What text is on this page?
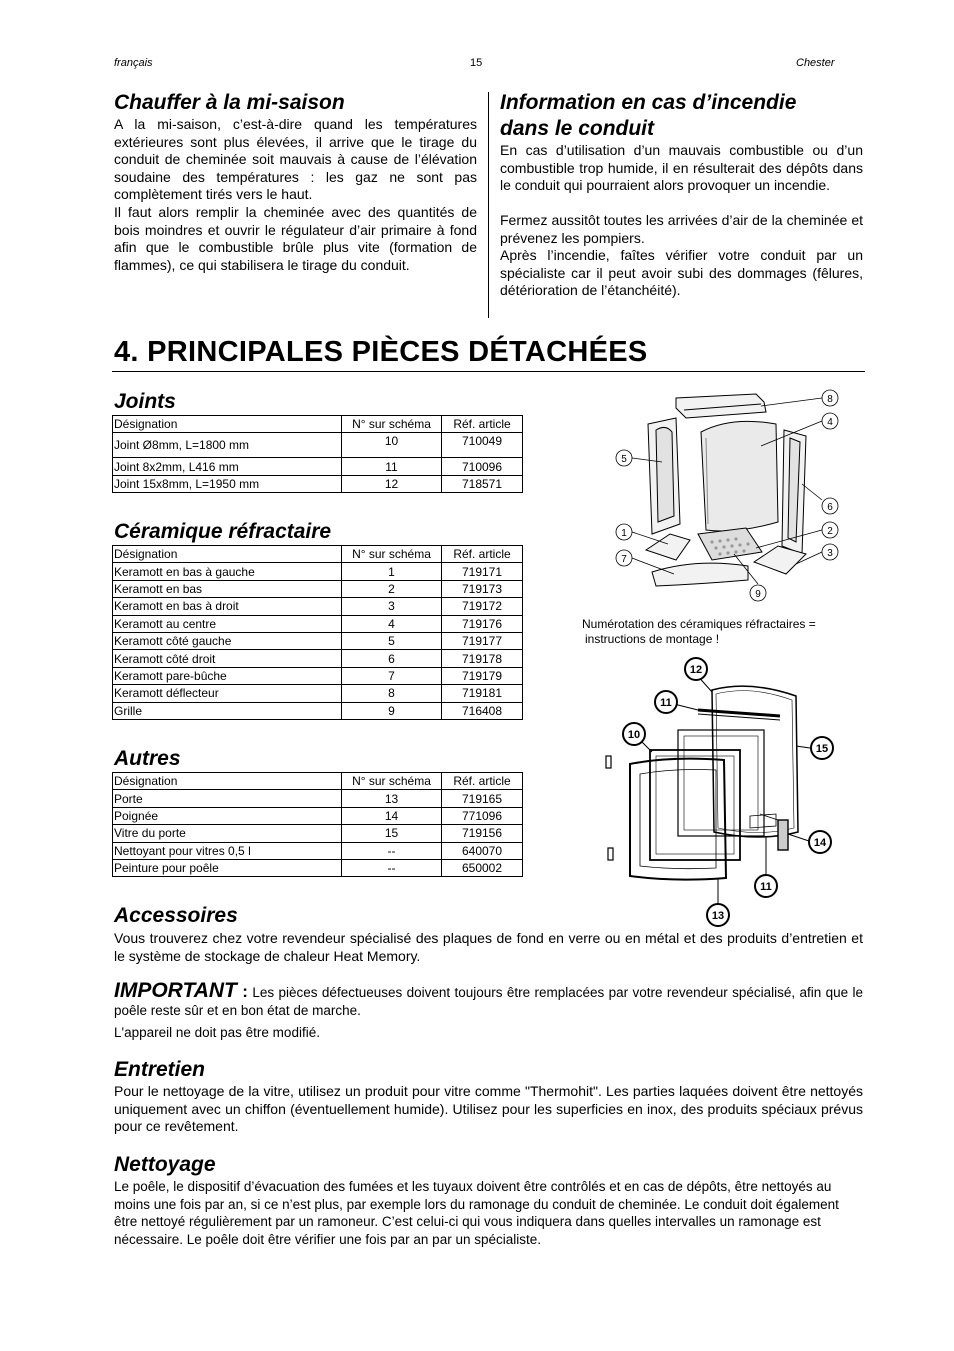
français	15	Chester
Chauffer à la mi-saison
A la mi-saison, c’est-à-dire quand les températures extérieures sont plus élevées, il arrive que le tirage du conduit de cheminée soit mauvais à cause de l’élévation soudaine des températures : les gaz ne sont pas complètement tirés vers le haut.
Il faut alors remplir la cheminée avec des quantités de bois moindres et ouvrir le régulateur d’air primaire à fond afin que le combustible brûle plus vite (formation de flammes), ce qui stabilisera le tirage du conduit.
Information en cas d’incendie
dans le conduit
En cas d’utilisation d’un mauvais combustible ou d’un combustible trop humide, il en résulterait des dépôts dans le conduit qui pourraient alors provoquer un incendie.
Fermez aussitôt toutes les arrivées d’air de la cheminée et prévenez les pompiers.
Après l’incendie, faîtes vérifier votre conduit par un spécialiste car il peut avoir subi des dommages (fêlures, détérioration de l’étanchéité).
4. PRINCIPALES PIÈCES DÉTACHÉES
Joints
Désignation	N° sur schéma	Réf. article
Joint Ø8mm, L=1800 mm	10	710049
Joint 8x2mm, L416 mm	11	710096
Joint 15x8mm, L=1950 mm	12	718571
Céramique réfractaire
Désignation	N° sur schéma	Réf. article
Keramott en bas à gauche	1	719171
Keramott en bas	2	719173
Keramott en bas à droit	3	719172
Keramott au centre	4	719176
Keramott côté gauche	5	719177
Keramott côté droit	6	719178
Keramott pare-bûche	7	719179
Keramott déflecteur	8	719181
Grille	9	716408
Autres
Désignation	N° sur schéma	Réf. article
Porte	13	719165
Poignée	14	771096
Vitre du porte	15	719156
Nettoyant pour vitres 0,5 l	--	640070
Peinture pour poêle	--	650002
8
4
5
6
1	2
7
3
9
Numérotation des céramiques réfractaires =
instructions de montage !
12
11
10
15
14
11
13
Accessoires
Vous trouverez chez votre revendeur spécialisé des plaques de fond en verre ou en métal et des produits d’entretien et le système de stockage de chaleur Heat Memory.
IMPORTANT : Les pièces défectueuses doivent toujours être remplacées par votre revendeur spécialisé, afin que le poêle reste sûr et en bon état de marche.
L'appareil ne doit pas être modifié.
Entretien
Pour le nettoyage de la vitre, utilisez un produit pour vitre comme "Thermohit". Les parties laquées doivent être nettoyés uniquement avec un chiffon (éventuellement humide). Utilisez pour les superficies en inox, des produits spéciaux prévus pour ce revêtement.
Nettoyage
Le poêle, le dispositif d’évacuation des fumées et les tuyaux doivent être contrôlés et en cas de dépôts, être nettoyés au moins une fois par an, si ce n’est plus, par exemple lors du ramonage du conduit de cheminée. Le conduit doit également être nettoyé régulièrement par un ramoneur. C’est celui-ci qui vous indiquera dans quelles intervalles un ramonage est nécessaire. Le poêle doit être vérifier une fois par an par un spécialiste.
